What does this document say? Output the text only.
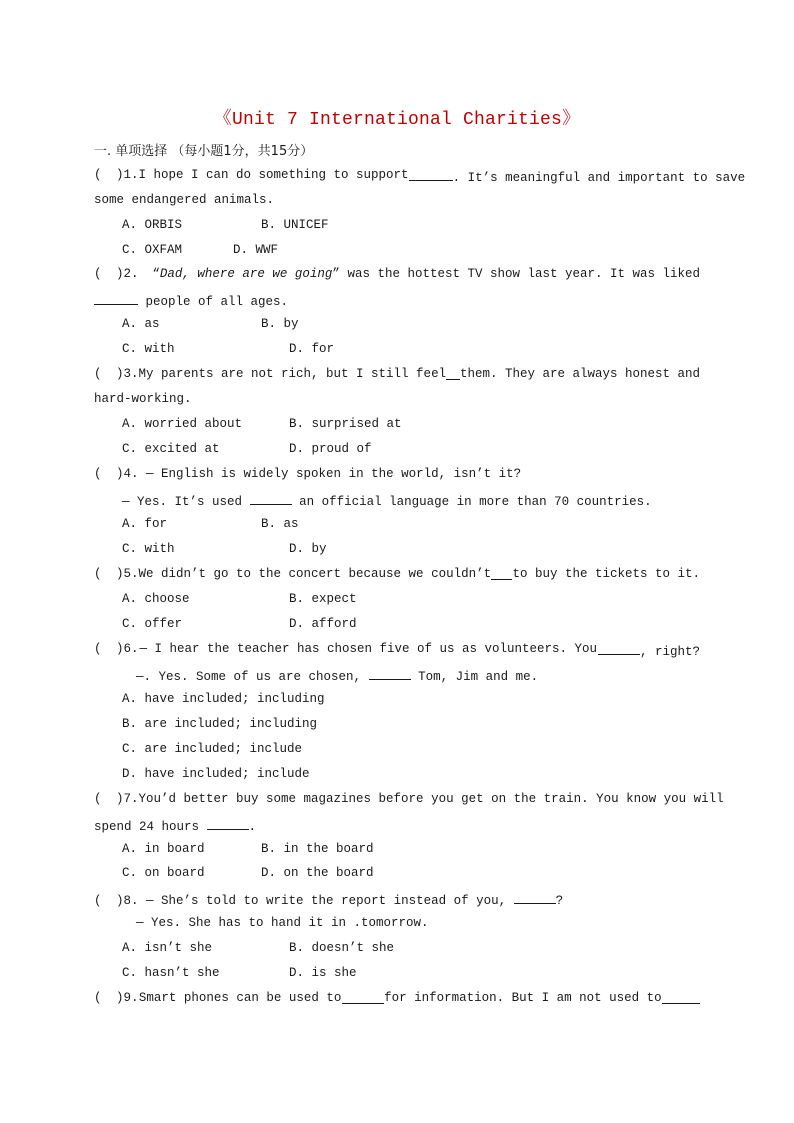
《Unit 7 International Charities》
一. 单项选择 （每小题1分，共15分）
( )1. I hope I can do something to support	. It’s meaningful and important to save
some endangered animals.
A. ORBIS	B. UNICEF
C. OXFAM	D. WWF
( )2. “Dad, where are we going” was the hottest TV show last year. It was liked
people of all ages.
A. as	B. by
C. with	D. for
( )3. My parents are not rich, but I still feel them. They are always honest and
hard-working.
A. worried about	B. surprised at
C. excited at	D. proud of
( )4. — English is widely spoken in the world, isn’t it?
— Yes. It’s used	an official language in more than 70 countries.
A. for	B. as
C. with	D. by
( )5. We didn’t go to the concert because we couldn’t to buy the tickets to it.
A. choose	B. expect
C. offer	D. afford
( )6. — I hear the teacher has chosen five of us as volunteers. You	, right?
—. Yes. Some of us are chosen,	Tom, Jim and me.
A. have included; including
B. are included; including
C. are included; include
D. have included; include
( )7. You’d better buy some magazines before you get on the train. You know you will
spend 24 hours	.
A. in board	B. in the board
C. on board	D. on the board
( )8. — She’s told to write the report instead of you,	?
— Yes. She has to hand it in .tomorrow.
A. isn’t she	B. doesn’t she
C. hasn’t she	D. is she
( )9. Smart phones can be used to	for information. But I am not used to
